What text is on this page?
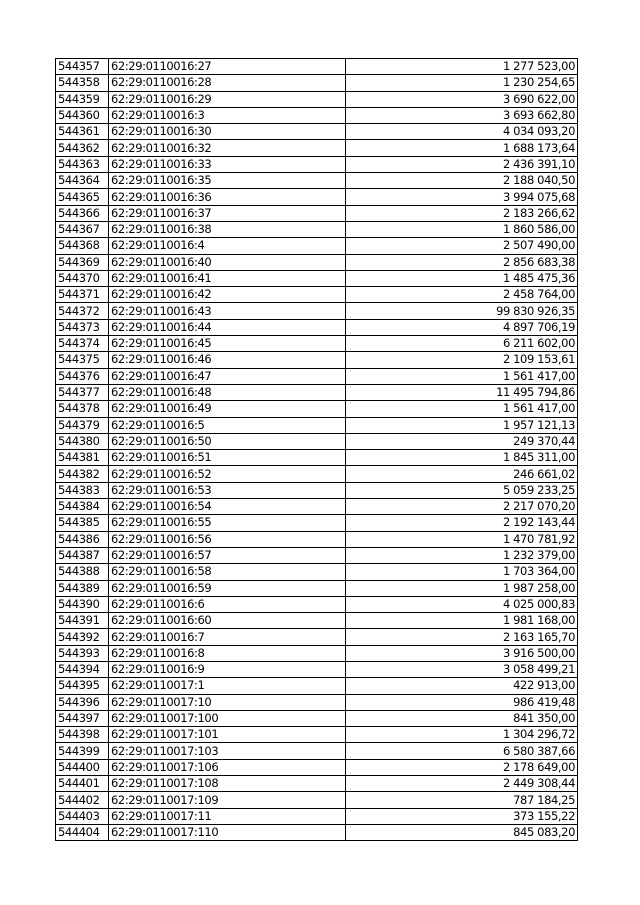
544357	62:29:0110016:27	1 277 523,00
544358	62:29:0110016:28	1 230 254,65
544359	62:29:0110016:29	3 690 622,00
544360	62:29:0110016:3	3 693 662,80
544361	62:29:0110016:30	4 034 093,20
544362	62:29:0110016:32	1 688 173,64
544363	62:29:0110016:33	2 436 391,10
544364	62:29:0110016:35	2 188 040,50
544365	62:29:0110016:36	3 994 075,68
544366	62:29:0110016:37	2 183 266,62
544367	62:29:0110016:38	1 860 586,00
544368	62:29:0110016:4	2 507 490,00
544369	62:29:0110016:40	2 856 683,38
544370	62:29:0110016:41	1 485 475,36
544371	62:29:0110016:42	2 458 764,00
544372	62:29:0110016:43	99 830 926,35
544373	62:29:0110016:44	4 897 706,19
544374	62:29:0110016:45	6 211 602,00
544375	62:29:0110016:46	2 109 153,61
544376	62:29:0110016:47	1 561 417,00
544377	62:29:0110016:48	11 495 794,86
544378	62:29:0110016:49	1 561 417,00
544379	62:29:0110016:5	1 957 121,13
544380	62:29:0110016:50	249 370,44
544381	62:29:0110016:51	1 845 311,00
544382	62:29:0110016:52	246 661,02
544383	62:29:0110016:53	5 059 233,25
544384	62:29:0110016:54	2 217 070,20
544385	62:29:0110016:55	2 192 143,44
544386	62:29:0110016:56	1 470 781,92
544387	62:29:0110016:57	1 232 379,00
544388	62:29:0110016:58	1 703 364,00
544389	62:29:0110016:59	1 987 258,00
544390	62:29:0110016:6	4 025 000,83
544391	62:29:0110016:60	1 981 168,00
544392	62:29:0110016:7	2 163 165,70
544393	62:29:0110016:8	3 916 500,00
544394	62:29:0110016:9	3 058 499,21
544395	62:29:0110017:1	422 913,00
544396	62:29:0110017:10	986 419,48
544397	62:29:0110017:100	841 350,00
544398	62:29:0110017:101	1 304 296,72
544399	62:29:0110017:103	6 580 387,66
544400	62:29:0110017:106	2 178 649,00
544401	62:29:0110017:108	2 449 308,44
544402	62:29:0110017:109	787 184,25
544403	62:29:0110017:11	373 155,22
544404	62:29:0110017:110	845 083,20
